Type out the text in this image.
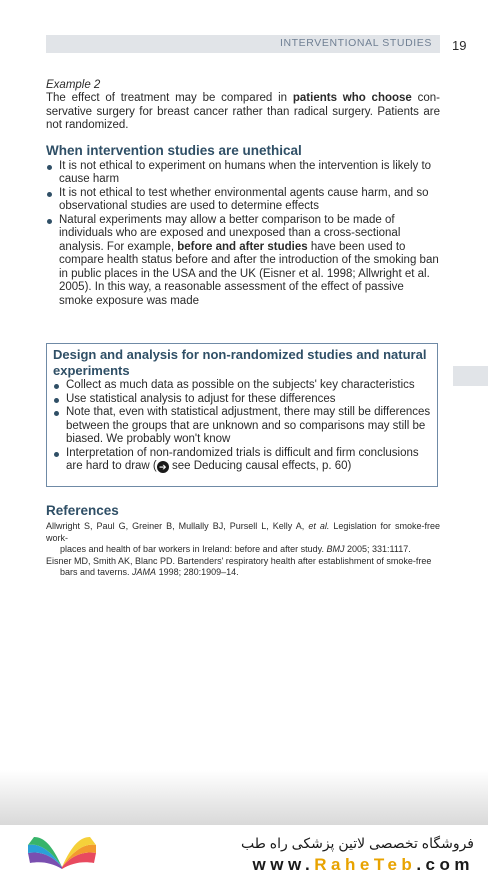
INTERVENTIONAL STUDIES 19

Example 2

The effect of treatment may be compared in patients who choose con-servative surgery for breast cancer rather than radical surgery. Patients are not randomized.

When intervention studies are unethical
It is not ethical to experiment on humans when the intervention is likely to cause harm
It is not ethical to test whether environmental agents cause harm, and so observational studies are used to determine effects
Natural experiments may allow a better comparison to be made of individuals who are exposed and unexposed than a cross-sectional analysis. For example, before and after studies have been used to compare health status before and after the introduction of the smoking ban in public places in the USA and the UK (Eisner et al. 1998; Allwright et al. 2005). In this way, a reasonable assessment of the effect of passive smoke exposure was made
Design and analysis for non-randomized studies and natural experiments
Collect as much data as possible on the subjects' key characteristics
Use statistical analysis to adjust for these differences
Note that, even with statistical adjustment, there may still be differences between the groups that are unknown and so comparisons may still be biased. We probably won't know
Interpretation of non-randomized trials is difficult and firm conclusions are hard to draw ( ➔ see Deducing causal effects, p. 60)
References

Allwright S, Paul G, Greiner B, Mullally BJ, Pursell L, Kelly A, et al. Legislation for smoke-free work-
places and health of bar workers in Ireland: before and after study. BMJ 2005; 331:1117.

Eisner MD, Smith AK, Blanc PD. Bartenders' respiratory health after establishment of smoke-free
bars and taverns. JAMA 1998; 280:1909–14.

فروشگاه تخصصی لاتین پزشکی راه طب
www.RaheTeb.com
